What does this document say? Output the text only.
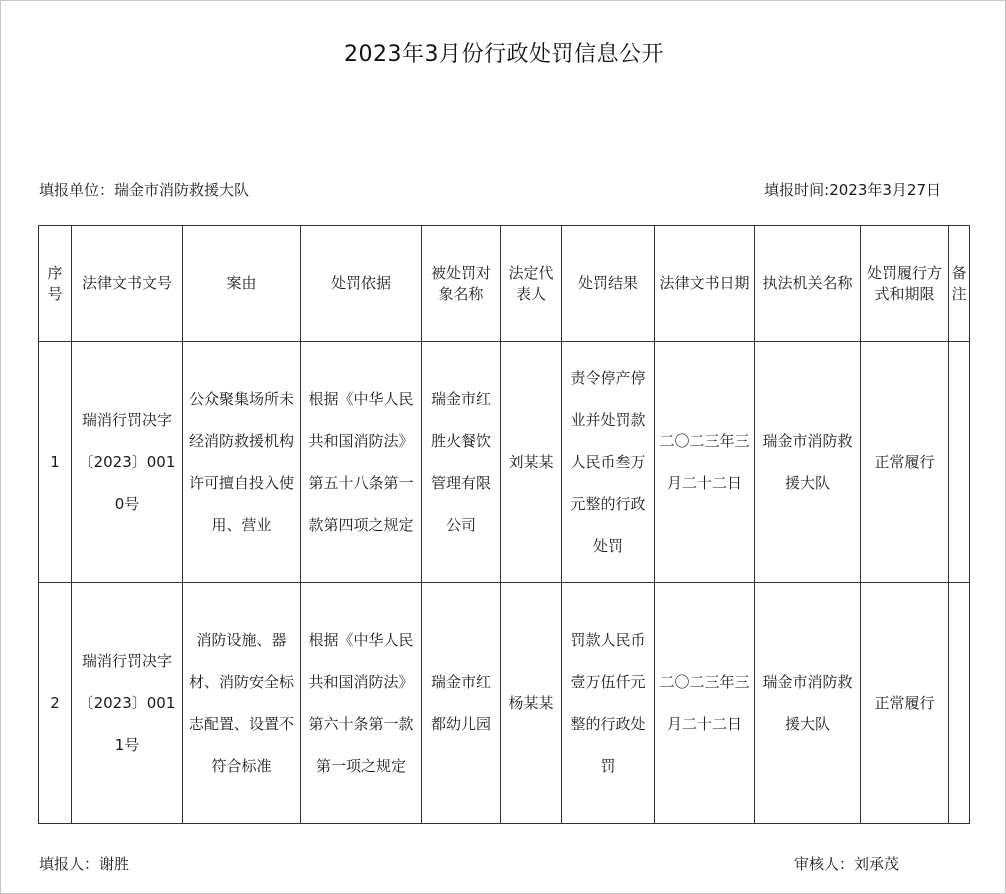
2023年3月份行政处罚信息公开
填报单位：瑞金市消防救援大队	填报时间:2023年3月27日
序号	法律文书文号	案由	处罚依据	被处罚对象名称	法定代表人	处罚结果	法律文书日期	执法机关名称	处罚履行方式和期限	备注
1	瑞消行罚决字〔2023〕0010号	公众聚集场所未经消防救援机构许可擅自投入使用、营业	根据《中华人民共和国消防法》第五十八条第一款第四项之规定	瑞金市红胜火餐饮管理有限公司	刘某某	责令停产停业并处罚款人民币叁万元整的行政处罚	二〇二三年三月二十二日	瑞金市消防救援大队	正常履行	
2	瑞消行罚决字〔2023〕0011号	消防设施、器材、消防安全标志配置、设置不符合标准	根据《中华人民共和国消防法》第六十条第一款第一项之规定	瑞金市红都幼儿园	杨某某	罚款人民币壹万伍仟元整的行政处罚	二〇二三年三月二十二日	瑞金市消防救援大队	正常履行	
填报人：谢胜	审核人：刘承茂
